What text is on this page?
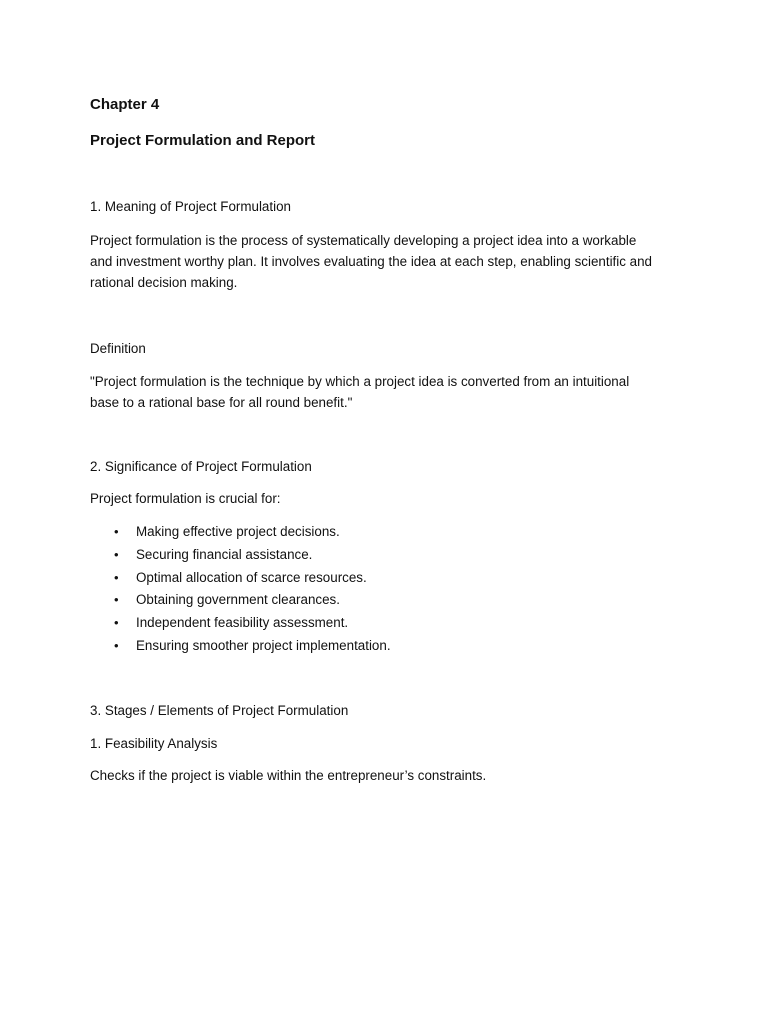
Chapter 4

Project Formulation and Report

1. Meaning of Project Formulation

Project formulation is the process of systematically developing a project idea into a workable

and investment worthy plan. It involves evaluating the idea at each step, enabling scientific and

rational decision making.

Definition

"Project formulation is the technique by which a project idea is converted from an intuitional

base to a rational base for all round benefit."

2. Significance of Project Formulation

Project formulation is crucial for:

• Making effective project decisions.
• Securing financial assistance.
• Optimal allocation of scarce resources.
• Obtaining government clearances.
• Independent feasibility assessment.
• Ensuring smoother project implementation.

3. Stages / Elements of Project Formulation

1. Feasibility Analysis

Checks if the project is viable within the entrepreneur’s constraints.
